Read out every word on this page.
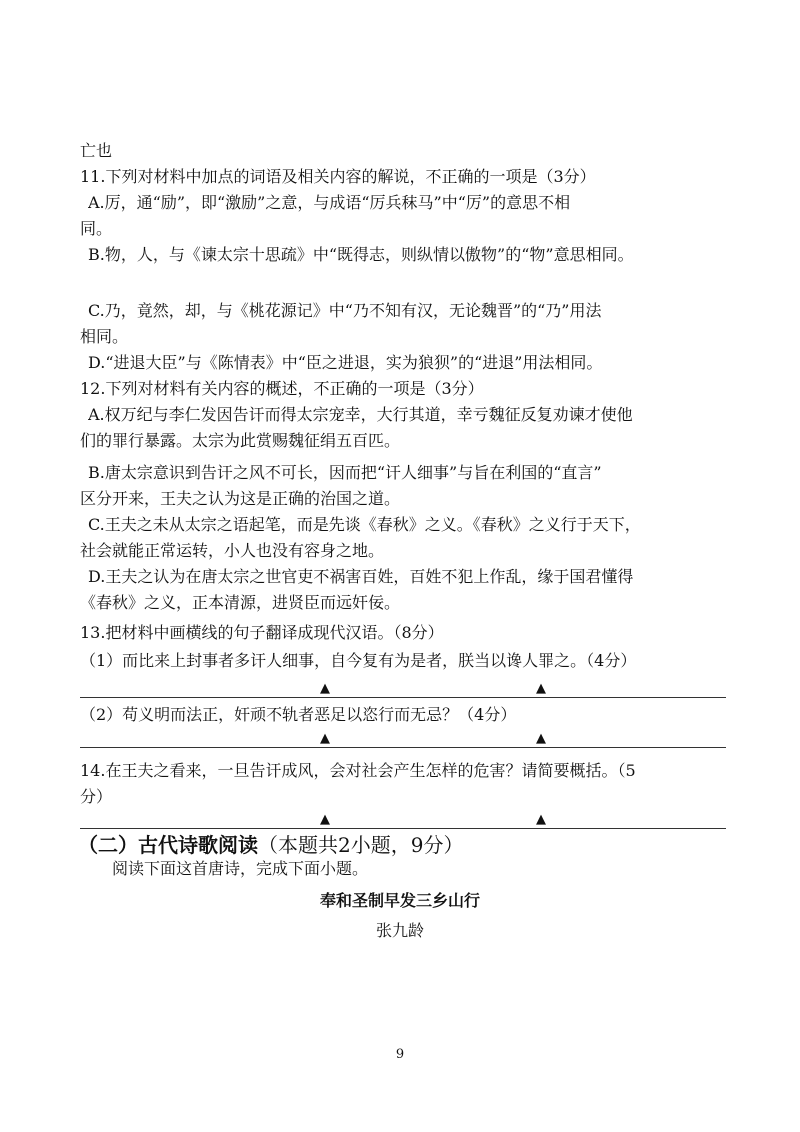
亡也
11.下列对材料中加点的词语及相关内容的解说，不正确的一项是（3分）
A.厉，通“励”，即“激励”之意，与成语“厉兵秣马”中“厉”的意思不相
同。
B.物，人，与《谏太宗十思疏》中“既得志，则纵情以傲物”的“物”意思相同。
C.乃，竟然，却，与《桃花源记》中“乃不知有汉，无论魏晋”的“乃”用法
相同。
D.“进退大臣”与《陈情表》中“臣之进退，实为狼狈”的“进退”用法相同。
12.下列对材料有关内容的概述，不正确的一项是（3分）
A.权万纪与李仁发因告讦而得太宗宠幸，大行其道，幸亏魏征反复劝谏才使他
们的罪行暴露。太宗为此赏赐魏征绢五百匹。
B.唐太宗意识到告讦之风不可长，因而把“讦人细事”与旨在利国的“直言”
区分开来，王夫之认为这是正确的治国之道。
C.王夫之未从太宗之语起笔，而是先谈《春秋》之义。《春秋》之义行于天下，
社会就能正常运转，小人也没有容身之地。
D.王夫之认为在唐太宗之世官吏不祸害百姓，百姓不犯上作乱，缘于国君懂得
《春秋》之义，正本清源，进贤臣而远奸佞。
13.把材料中画横线的句子翻译成现代汉语。（8分）
（1）而比来上封事者多讦人细事，自今复有为是者，朕当以谗人罪之。（4分）
▲	▲
（2）苟义明而法正，奸顽不轨者恶足以恣行而无忌？（4分）
▲	▲
14.在王夫之看来，一旦告讦成风，会对社会产生怎样的危害？请简要概括。（5
分）
▲	▲
（二）古代诗歌阅读（本题共2小题，9分）
阅读下面这首唐诗，完成下面小题。
奉和圣制早发三乡山行
张九龄
9
